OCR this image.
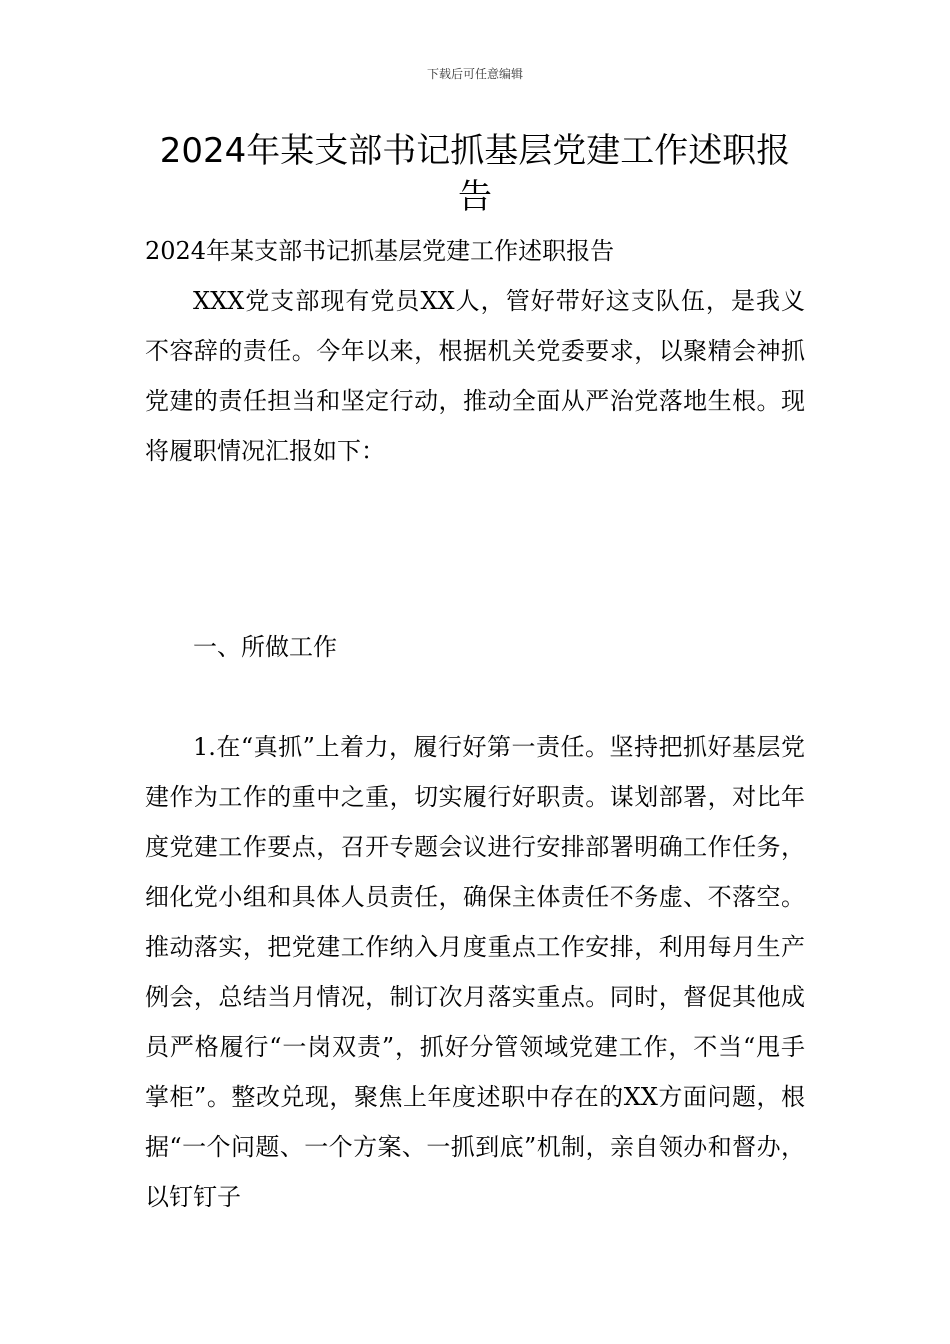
下载后可任意编辑
2024年某支部书记抓基层党建工作述职报告

2024年某支部书记抓基层党建工作述职报告

XXX党支部现有党员XX人，管好带好这支队伍，是我义不容辞的责任。今年以来，根据机关党委要求，以聚精会神抓党建的责任担当和坚定行动，推动全面从严治党落地生根。现将履职情况汇报如下：

一、所做工作

1.在“真抓”上着力，履行好第一责任。坚持把抓好基层党建作为工作的重中之重，切实履行好职责。谋划部署，对比年度党建工作要点，召开专题会议进行安排部署明确工作任务，细化党小组和具体人员责任，确保主体责任不务虚、不落空。推动落实，把党建工作纳入月度重点工作安排，利用每月生产例会，总结当月情况，制订次月落实重点。同时，督促其他成员严格履行“一岗双责”，抓好分管领域党建工作，不当“甩手掌柜”。整改兑现，聚焦上年度述职中存在的XX方面问题，根据“一个问题、一个方案、一抓到底”机制，亲自领办和督办，以钉钉子
